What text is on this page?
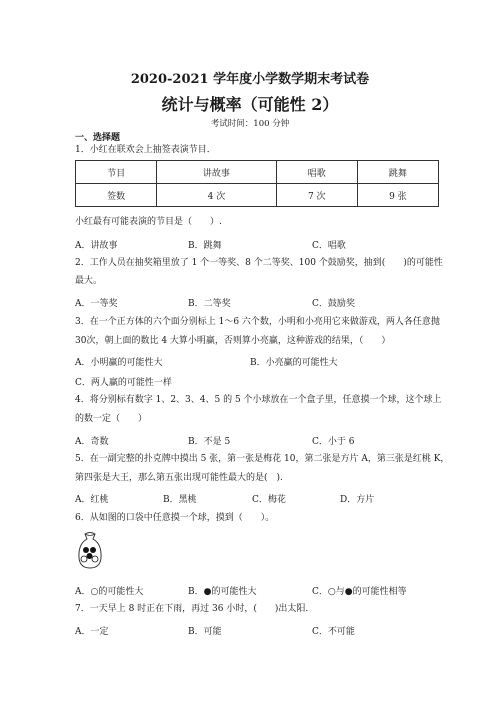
2020-2021 学年度小学数学期末考试卷
统计与概率（可能性 2）
考试时间：100 分钟
一、选择题
1．小红在联欢会上抽签表演节目．
节目	讲故事	唱歌	跳舞
签数	4 次	7 次	9 张
小红最有可能表演的节目是（　　）.
A．讲故事	B．跳舞	C．唱歌
2．工作人员在抽奖箱里放了 1 个一等奖、8 个二等奖、100 个鼓励奖，抽到(　　)的可能性
最大。
A．一等奖	B．二等奖	C．鼓励奖
3．在一个正方体的六个面分别标上 1～6 六个数，小明和小亮用它来做游戏，两人各任意抛
30次，朝上面的数比 4 大算小明赢，否则算小亮赢，这种游戏的结果，（　　）
A．小明赢的可能性大	B．小亮赢的可能性大
C．两人赢的可能性一样
4．将分别标有数字 1、2、3、4、5 的 5 个小球放在一个盒子里，任意摸一个球，这个球上
的数一定（　　）
A．奇数	B．不是 5	C．小于 6
5．在一副完整的扑克牌中摸出 5 张，第一张是梅花 10，第二张是方片 A，第三张是红桃 K，
第四张是大王，那么第五张出现可能性最大的是(　).
A．红桃	B．黑桃	C．梅花	D．方片
6．从如图的口袋中任意摸一个球，摸到（　　）。
A．○的可能性大	B．●的可能性大	C．○与●的可能性相等
7．一天早上 8 时正在下雨，再过 36 小时，(　　)出太阳．
A．一定	B．可能	C．不可能
